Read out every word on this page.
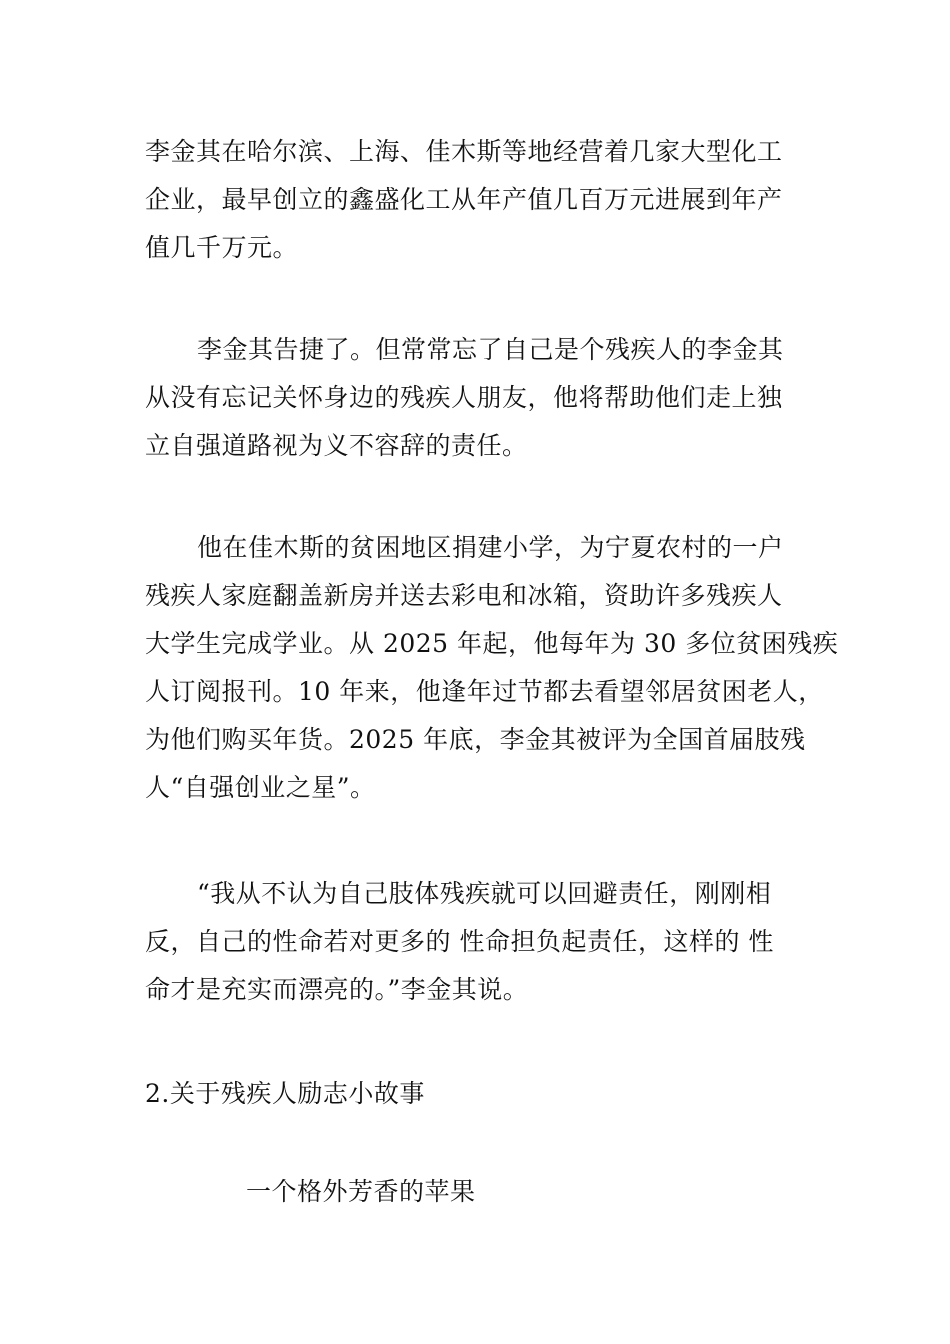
李金其在哈尔滨、上海、佳木斯等地经营着几家大型化工
企业，最早创立的鑫盛化工从年产值几百万元进展到年产
值几千万元。

李金其告捷了。但常常忘了自己是个残疾人的李金其
从没有忘记关怀身边的残疾人朋友，他将帮助他们走上独
立自强道路视为义不容辞的责任。

他在佳木斯的贫困地区捐建小学，为宁夏农村的一户
残疾人家庭翻盖新房并送去彩电和冰箱，资助许多残疾人
大学生完成学业。从 2025 年起，他每年为 30 多位贫困残疾
人订阅报刊。10 年来，他逢年过节都去看望邻居贫困老人，
为他们购买年货。2025 年底，李金其被评为全国首届肢残
人“自强创业之星”。

“我从不认为自己肢体残疾就可以回避责任，刚刚相
反，自己的性命若对更多的 性命担负起责任，这样的 性
命才是充实而漂亮的。”李金其说。

2.关于残疾人励志小故事

一个格外芳香的苹果
